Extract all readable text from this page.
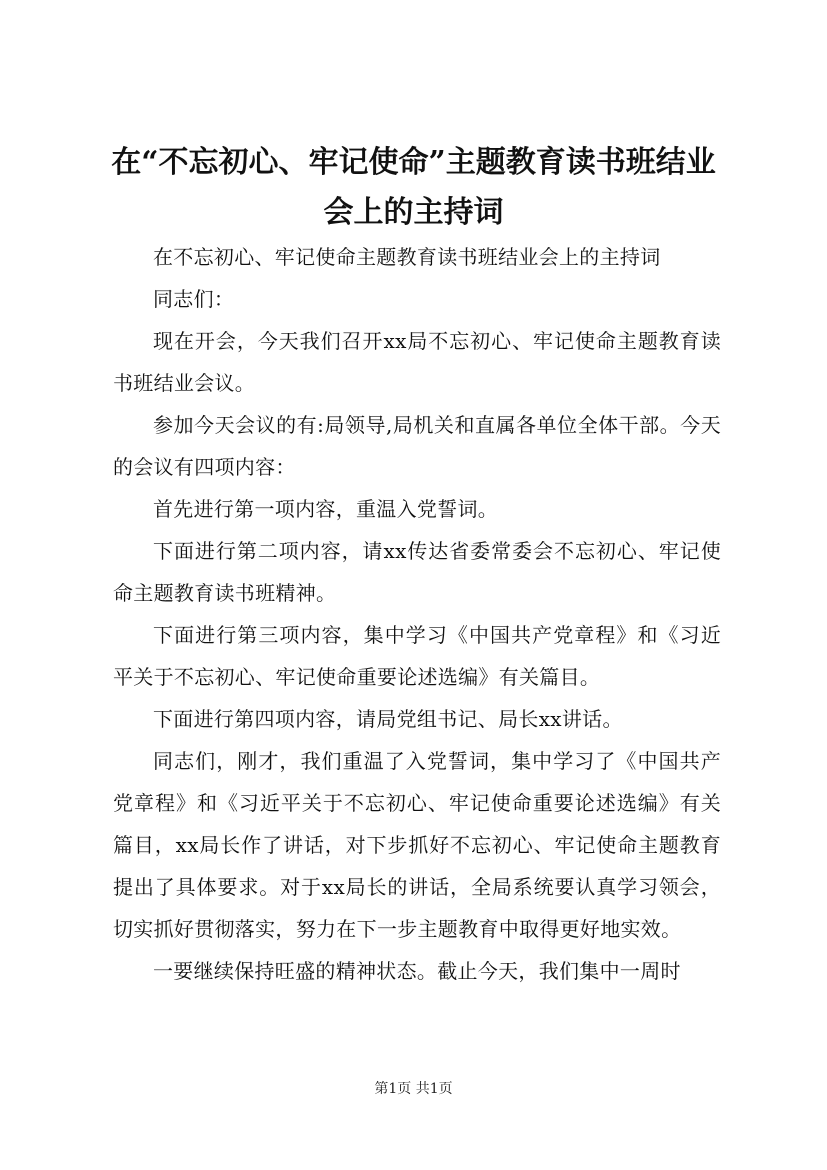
在“不忘初心、牢记使命”主题教育读书班结业会上的主持词

在不忘初心、牢记使命主题教育读书班结业会上的主持词

同志们：

现在开会，今天我们召开xx局不忘初心、牢记使命主题教育读书班结业会议。

参加今天会议的有:局领导,局机关和直属各单位全体干部。今天的会议有四项内容：

首先进行第一项内容，重温入党誓词。

下面进行第二项内容，请xx传达省委常委会不忘初心、牢记使命主题教育读书班精神。

下面进行第三项内容，集中学习《中国共产党章程》和《习近平关于不忘初心、牢记使命重要论述选编》有关篇目。

下面进行第四项内容，请局党组书记、局长xx讲话。

同志们，刚才，我们重温了入党誓词，集中学习了《中国共产党章程》和《习近平关于不忘初心、牢记使命重要论述选编》有关篇目，xx局长作了讲话，对下步抓好不忘初心、牢记使命主题教育提出了具体要求。对于xx局长的讲话，全局系统要认真学习领会，切实抓好贯彻落实，努力在下一步主题教育中取得更好地实效。

一要继续保持旺盛的精神状态。截止今天，我们集中一周时

第1页 共1页
